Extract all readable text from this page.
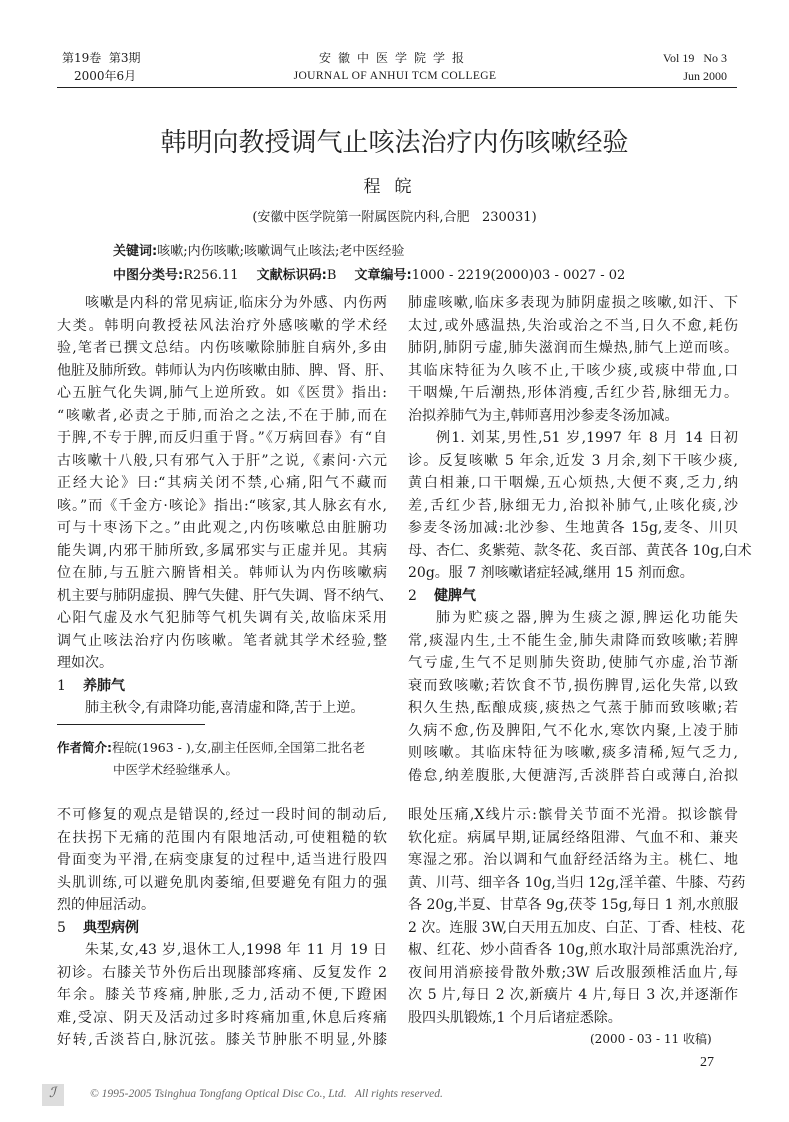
第19卷  第3期
2000年6月
安徽中医学院学报
JOURNAL OF ANHUI TCM COLLEGE
Vol 19   No 3
Jun 2000
韩明向教授调气止咳法治疗内伤咳嗽经验
程皖
(安徽中医学院第一附属医院内科,合肥   230031)
关键词:咳嗽;内伤咳嗽;咳嗽调气止咳法;老中医经验
中图分类号:R256.11 文献标识码:B 文章编号:1000 - 2219(2000)03 - 0027 - 02
咳嗽是内科的常见病证,临床分为外感、内伤两
大类。韩明向教授祛风法治疗外感咳嗽的学术经
验,笔者已撰文总结。内伤咳嗽除肺脏自病外,多由
他脏及肺所致。韩师认为内伤咳嗽由肺、脾、肾、肝、
心五脏气化失调,肺气上逆所致。如《医贯》指出:
“咳嗽者,必责之于肺,而治之之法,不在于肺,而在
于脾,不专于脾,而反归重于肾。”《万病回春》有“自
古咳嗽十八般,只有邪气入于肝”之说,《素问·六元
正经大论》曰:“其病关闭不禁,心痛,阳气不藏而
咳。”而《千金方·咳论》指出:“咳家,其人脉玄有水,
可与十枣汤下之。”由此观之,内伤咳嗽总由脏腑功
能失调,内邪干肺所致,多属邪实与正虚并见。其病
位在肺,与五脏六腑皆相关。韩师认为内伤咳嗽病
机主要与肺阴虚损、脾气失健、肝气失调、肾不纳气、
心阳气虚及水气犯肺等气机失调有关,故临床采用
调气止咳法治疗内伤咳嗽。笔者就其学术经验,整
理如次。
1 养肺气
肺主秋令,有肃降功能,喜清虚和降,苦于上逆。
肺虚咳嗽,临床多表现为肺阴虚损之咳嗽,如汗、下
太过,或外感温热,失治或治之不当,日久不愈,耗伤
肺阴,肺阴亏虚,肺失滋润而生燥热,肺气上逆而咳。
其临床特征为久咳不止,干咳少痰,或痰中带血,口
干咽燥,午后潮热,形体消瘦,舌红少苔,脉细无力。
治拟养肺气为主,韩师喜用沙参麦冬汤加减。
例1. 刘某,男性,51 岁,1997 年 8 月 14 日初
诊。反复咳嗽 5 年余,近发 3 月余,刻下干咳少痰,
黄白相兼,口干咽燥,五心烦热,大便不爽,乏力,纳
差,舌红少苔,脉细无力,治拟补肺气,止咳化痰,沙
参麦冬汤加减:北沙参、生地黄各 15g,麦冬、川贝
母、杏仁、炙紫菀、款冬花、炙百部、黄芪各 10g,白术
20g。服 7 剂咳嗽诸症轻减,继用 15 剂而愈。
2 健脾气
肺为贮痰之器,脾为生痰之源,脾运化功能失
常,痰湿内生,土不能生金,肺失肃降而致咳嗽;若脾
气亏虚,生气不足则肺失资助,使肺气亦虚,治节渐
衰而致咳嗽;若饮食不节,损伤脾胃,运化失常,以致
积久生热,酝酿成痰,痰热之气蒸于肺而致咳嗽;若
久病不愈,伤及脾阳,气不化水,寒饮内聚,上凌于肺
则咳嗽。其临床特征为咳嗽,痰多清稀,短气乏力,
倦怠,纳差腹胀,大便溏泻,舌淡胖苔白或薄白,治拟
不可修复的观点是错误的,经过一段时间的制动后,
在扶拐下无痛的范围内有限地活动,可使粗糙的软
骨面变为平滑,在病变康复的过程中,适当进行股四
头肌训练,可以避免肌肉萎缩,但要避免有阻力的强
烈的伸屈活动。
5 典型病例
朱某,女,43 岁,退休工人,1998 年 11 月 19 日
初诊。右膝关节外伤后出现膝部疼痛、反复发作 2
年余。膝关节疼痛,肿胀,乏力,活动不便,下蹬困
难,受凉、阴天及活动过多时疼痛加重,休息后疼痛
好转,舌淡苔白,脉沉弦。膝关节肿胀不明显,外膝
眼处压痛,X线片示:髌骨关节面不光滑。拟诊髌骨
软化症。病属早期,证属经络阻滞、气血不和、兼夹
寒湿之邪。治以调和气血舒经活络为主。桃仁、地
黄、川芎、细辛各 10g,当归 12g,淫羊藿、牛膝、芍药
各 20g,半夏、甘草各 9g,茯苓 15g,每日 1 剂,水煎服
2 次。连服 3W,白天用五加皮、白芷、丁香、桂枝、花
椒、红花、炒小茴香各 10g,煎水取汁局部熏洗治疗,
夜间用消瘀接骨散外敷;3W 后改服颈椎活血片,每
次 5 片,每日 2 次,新癀片 4 片,每日 3 次,并逐渐作
股四头肌锻炼,1 个月后诸症悉除。
作者简介:程皖(1963 - ),女,副主任医师,全国第二批名老
中医学术经验继承人。
(2000 - 03 - 11 收稿)
27
ℐ	© 1995-2005 Tsinghua Tongfang Optical Disc Co., Ltd.   All rights reserved.
